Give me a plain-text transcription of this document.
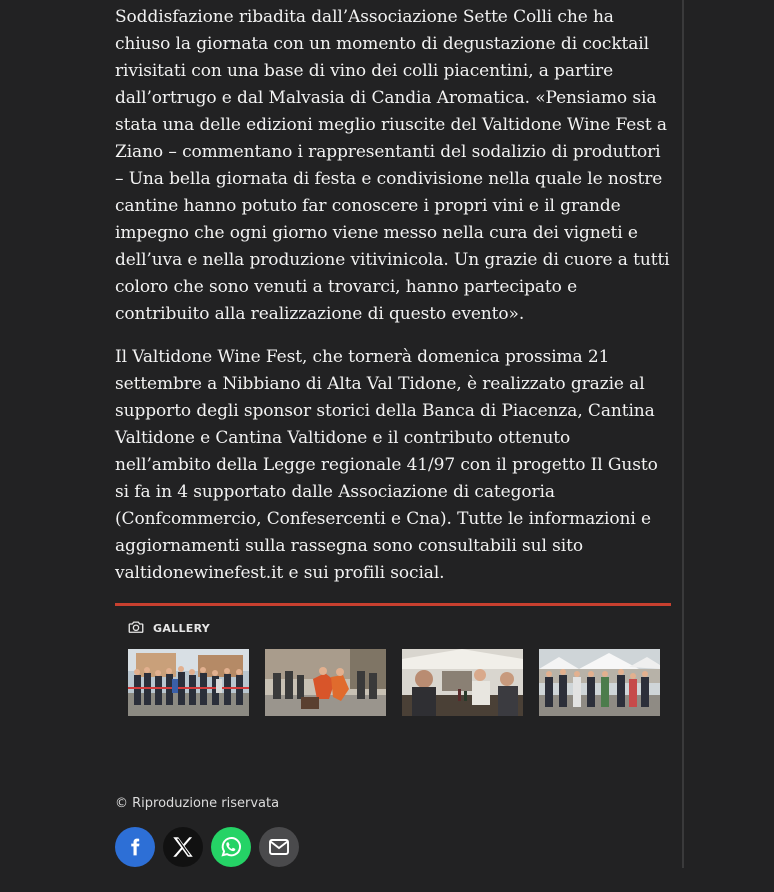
Soddisfazione ribadita dall’Associazione Sette Colli che ha chiuso la giornata con un momento di degustazione di cocktail rivisitati con una base di vino dei colli piacentini, a partire dall’ortrugo e dal Malvasia di Candia Aromatica. «Pensiamo sia stata una delle edizioni meglio riuscite del Valtidone Wine Fest a Ziano – commentano i rappresentanti del sodalizio di produttori – Una bella giornata di festa e condivisione nella quale le nostre cantine hanno potuto far conoscere i propri vini e il grande impegno che ogni giorno viene messo nella cura dei vigneti e dell’uva e nella produzione vitivinicola. Un grazie di cuore a tutti coloro che sono venuti a trovarci, hanno partecipato e contribuito alla realizzazione di questo evento».

Il Valtidone Wine Fest, che tornerà domenica prossima 21 settembre a Nibbiano di Alta Val Tidone, è realizzato grazie al supporto degli sponsor storici della Banca di Piacenza, Cantina Valtidone e Cantina Valtidone e il contributo ottenuto nell’ambito della Legge regionale 41/97 con il progetto Il Gusto si fa in 4 supportato dalle Associazione di categoria (Confcommercio, Confesercenti e Cna). Tutte le informazioni e aggiornamenti sulla rassegna sono consultabili sul sito valtidonewinefest.it e sui profili social.

GALLERY
© Riproduzione riservata
